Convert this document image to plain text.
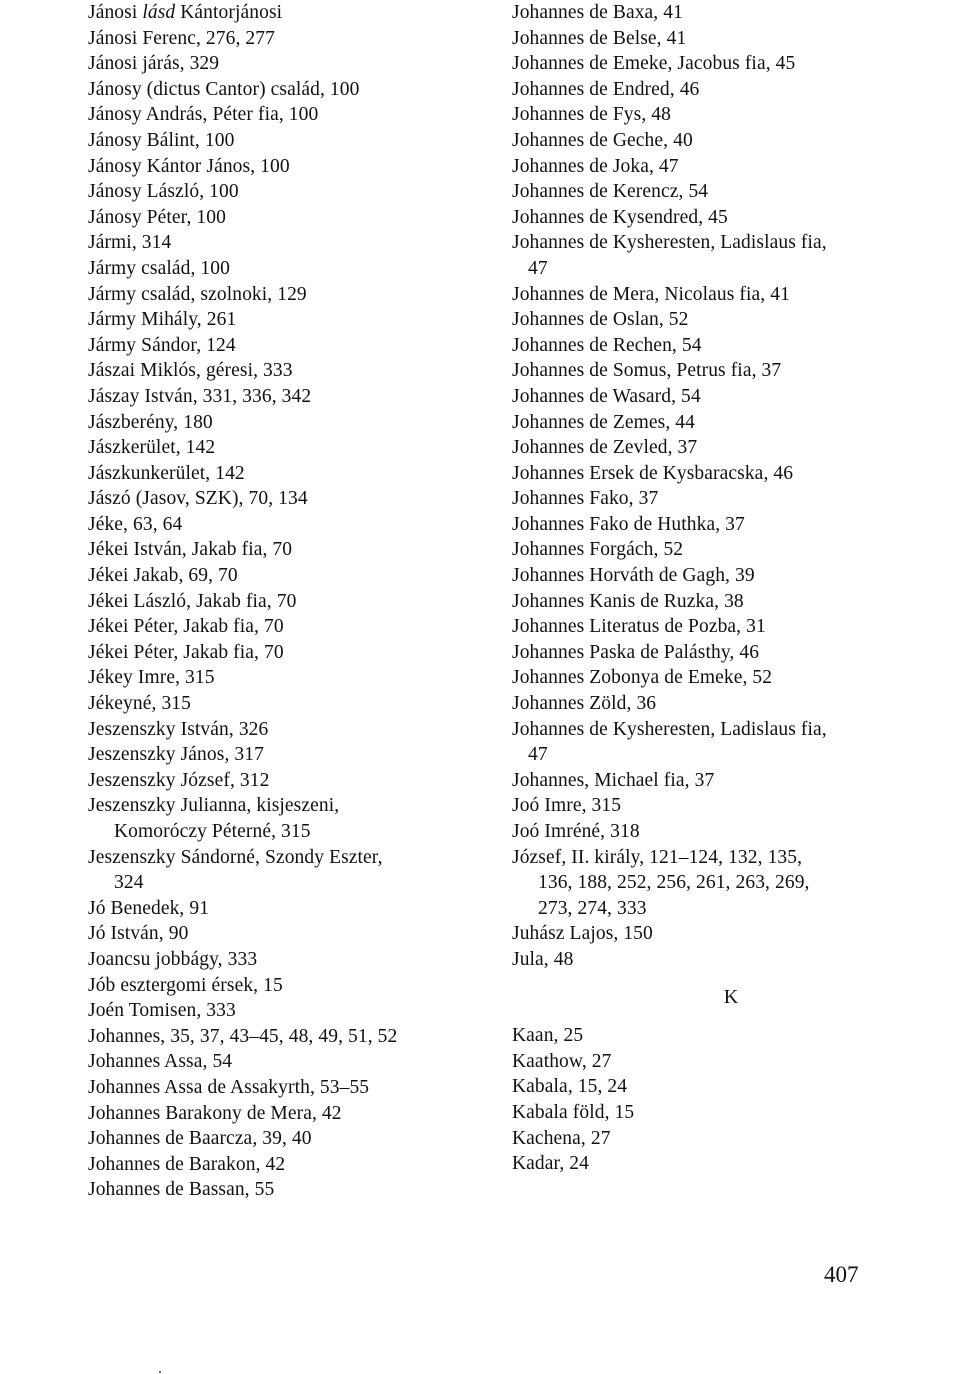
Jánosi lásd Kántorjánosi
Jánosi Ferenc, 276, 277
Jánosi járás, 329
Jánosy (dictus Cantor) család, 100
Jánosy András, Péter fia, 100
Jánosy Bálint, 100
Jánosy Kántor János, 100
Jánosy László, 100
Jánosy Péter, 100
Jármi, 314
Jármy család, 100
Jármy család, szolnoki, 129
Jármy Mihály, 261
Jármy Sándor, 124
Jászai Miklós, géresi, 333
Jászay István, 331, 336, 342
Jászberény, 180
Jászkerület, 142
Jászkunkerület, 142
Jászó (Jasov, SZK), 70, 134
Jéke, 63, 64
Jékei István, Jakab fia, 70
Jékei Jakab, 69, 70
Jékei László, Jakab fia, 70
Jékei Péter, Jakab fia, 70
Jékei Péter, Jakab fia, 70
Jékey Imre, 315
Jékeyné, 315
Jeszenszky István, 326
Jeszenszky János, 317
Jeszenszky József, 312
Jeszenszky Julianna, kisjeszeni,
Komoróczy Péterné, 315
Jeszenszky Sándorné, Szondy Eszter,
324
Jó Benedek, 91
Jó István, 90
Joancsu jobbágy, 333
Jób esztergomi érsek, 15
Joén Tomisen, 333
Johannes, 35, 37, 43–45, 48, 49, 51, 52
Johannes Assa, 54
Johannes Assa de Assakyrth, 53–55
Johannes Barakony de Mera, 42
Johannes de Baarcza, 39, 40
Johannes de Barakon, 42
Johannes de Bassan, 55
Johannes de Baxa, 41
Johannes de Belse, 41
Johannes de Emeke, Jacobus fia, 45
Johannes de Endred, 46
Johannes de Fys, 48
Johannes de Geche, 40
Johannes de Joka, 47
Johannes de Kerencz, 54
Johannes de Kysendred, 45
Johannes de Kysheresten, Ladislaus fia,
47
Johannes de Mera, Nicolaus fia, 41
Johannes de Oslan, 52
Johannes de Rechen, 54
Johannes de Somus, Petrus fia, 37
Johannes de Wasard, 54
Johannes de Zemes, 44
Johannes de Zevled, 37
Johannes Ersek de Kysbaracska, 46
Johannes Fako, 37
Johannes Fako de Huthka, 37
Johannes Forgách, 52
Johannes Horváth de Gagh, 39
Johannes Kanis de Ruzka, 38
Johannes Literatus de Pozba, 31
Johannes Paska de Palásthy, 46
Johannes Zobonya de Emeke, 52
Johannes Zöld, 36
Johannes de Kysheresten, Ladislaus fia,
47
Johannes, Michael fia, 37
Joó Imre, 315
Joó Imréné, 318
József, II. király, 121–124, 132, 135,
136, 188, 252, 256, 261, 263, 269,
273, 274, 333
Juhász Lajos, 150
Jula, 48
K
Kaan, 25
Kaathow, 27
Kabala, 15, 24
Kabala föld, 15
Kachena, 27
Kadar, 24
407
